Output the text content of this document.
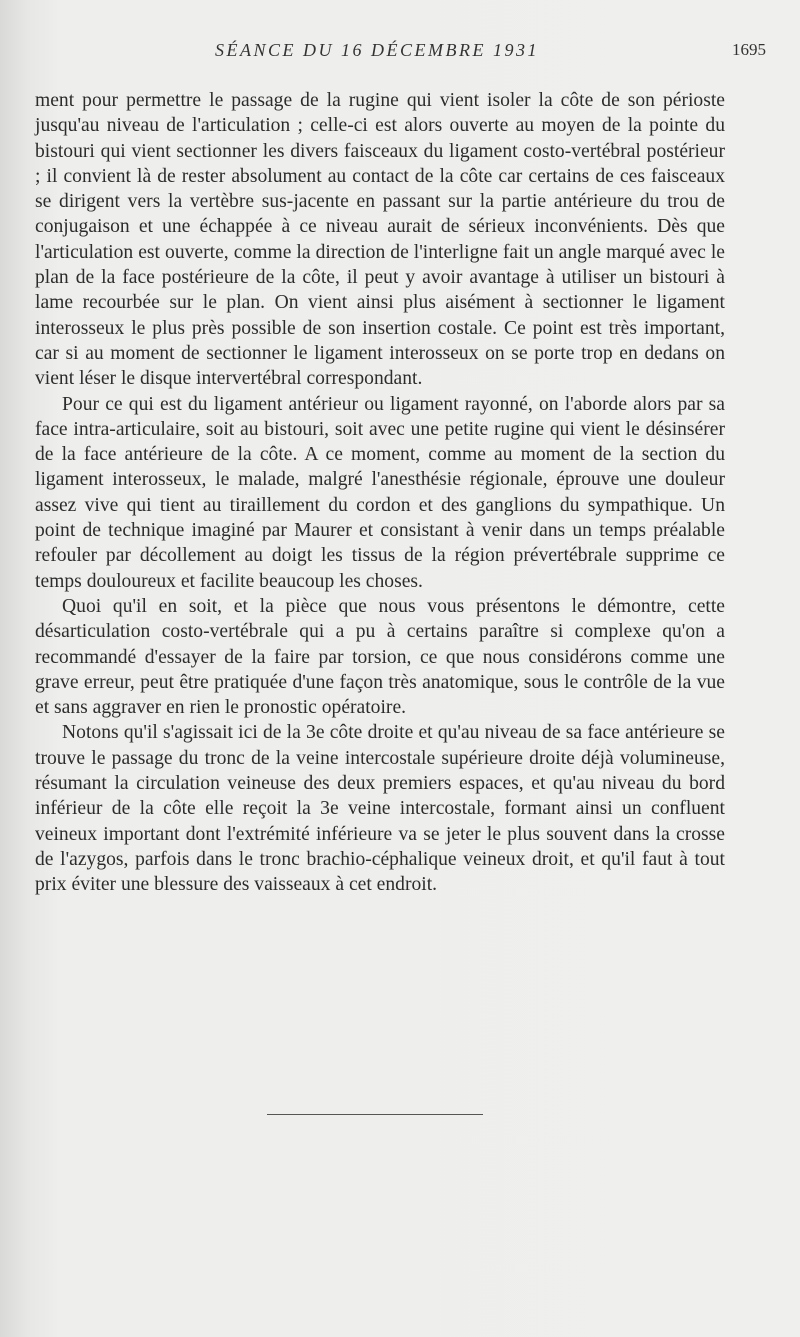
SÉANCE DU 16 DÉCEMBRE 1931	1695

ment pour permettre le passage de la rugine qui vient isoler la côte de son périoste jusqu'au niveau de l'articulation ; celle-ci est alors ouverte au moyen de la pointe du bistouri qui vient sectionner les divers faisceaux du ligament costo-vertébral postérieur ; il convient là de rester absolument au contact de la côte car certains de ces faisceaux se dirigent vers la vertèbre sus-jacente en passant sur la partie antérieure du trou de conjugaison et une échappée à ce niveau aurait de sérieux inconvénients. Dès que l'articulation est ouverte, comme la direction de l'interligne fait un angle marqué avec le plan de la face postérieure de la côte, il peut y avoir avantage à utiliser un bistouri à lame recourbée sur le plan. On vient ainsi plus aisément à sectionner le ligament interosseux le plus près possible de son insertion costale. Ce point est très important, car si au moment de sectionner le ligament interosseux on se porte trop en dedans on vient léser le disque intervertébral correspondant.

Pour ce qui est du ligament antérieur ou ligament rayonné, on l'aborde alors par sa face intra-articulaire, soit au bistouri, soit avec une petite rugine qui vient le désinsérer de la face antérieure de la côte. A ce moment, comme au moment de la section du ligament interosseux, le malade, malgré l'anesthésie régionale, éprouve une douleur assez vive qui tient au tiraillement du cordon et des ganglions du sympathique. Un point de technique imaginé par Maurer et consistant à venir dans un temps préalable refouler par décollement au doigt les tissus de la région prévertébrale supprime ce temps douloureux et facilite beaucoup les choses.

Quoi qu'il en soit, et la pièce que nous vous présentons le démontre, cette désarticulation costo-vertébrale qui a pu à certains paraître si complexe qu'on a recommandé d'essayer de la faire par torsion, ce que nous considérons comme une grave erreur, peut être pratiquée d'une façon très anatomique, sous le contrôle de la vue et sans aggraver en rien le pronostic opératoire.

Notons qu'il s'agissait ici de la 3e côte droite et qu'au niveau de sa face antérieure se trouve le passage du tronc de la veine intercostale supérieure droite déjà volumineuse, résumant la circulation veineuse des deux premiers espaces, et qu'au niveau du bord inférieur de la côte elle reçoit la 3e veine intercostale, formant ainsi un confluent veineux important dont l'extrémité inférieure va se jeter le plus souvent dans la crosse de l'azygos, parfois dans le tronc brachio-céphalique veineux droit, et qu'il faut à tout prix éviter une blessure des vaisseaux à cet endroit.
